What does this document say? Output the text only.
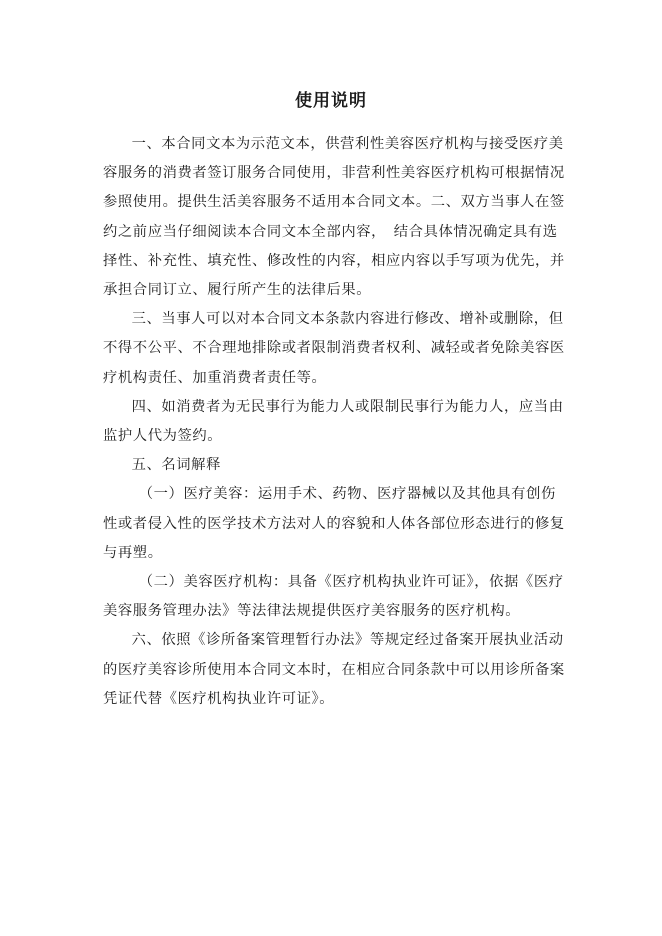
使用说明

一、本合同文本为示范文本，供营利性美容医疗机构与接受医疗美容服务的消费者签订服务合同使用，非营利性美容医疗机构可根据情况参照使用。提供生活美容服务不适用本合同文本。二、双方当事人在签约之前应当仔细阅读本合同文本全部内容，　结合具体情况确定具有选择性、补充性、填充性、修改性的内容，相应内容以手写项为优先，并承担合同订立、履行所产生的法律后果。

三、当事人可以对本合同文本条款内容进行修改、增补或删除，但不得不公平、不合理地排除或者限制消费者权利、减轻或者免除美容医疗机构责任、加重消费者责任等。

四、如消费者为无民事行为能力人或限制民事行为能力人，应当由监护人代为签约。

五、名词解释

（一）医疗美容：运用手术、药物、医疗器械以及其他具有创伤性或者侵入性的医学技术方法对人的容貌和人体各部位形态进行的修复与再塑。

（二）美容医疗机构：具备《医疗机构执业许可证》，依据《医疗美容服务管理办法》等法律法规提供医疗美容服务的医疗机构。

六、依照《诊所备案管理暂行办法》等规定经过备案开展执业活动的医疗美容诊所使用本合同文本时，在相应合同条款中可以用诊所备案凭证代替《医疗机构执业许可证》。
